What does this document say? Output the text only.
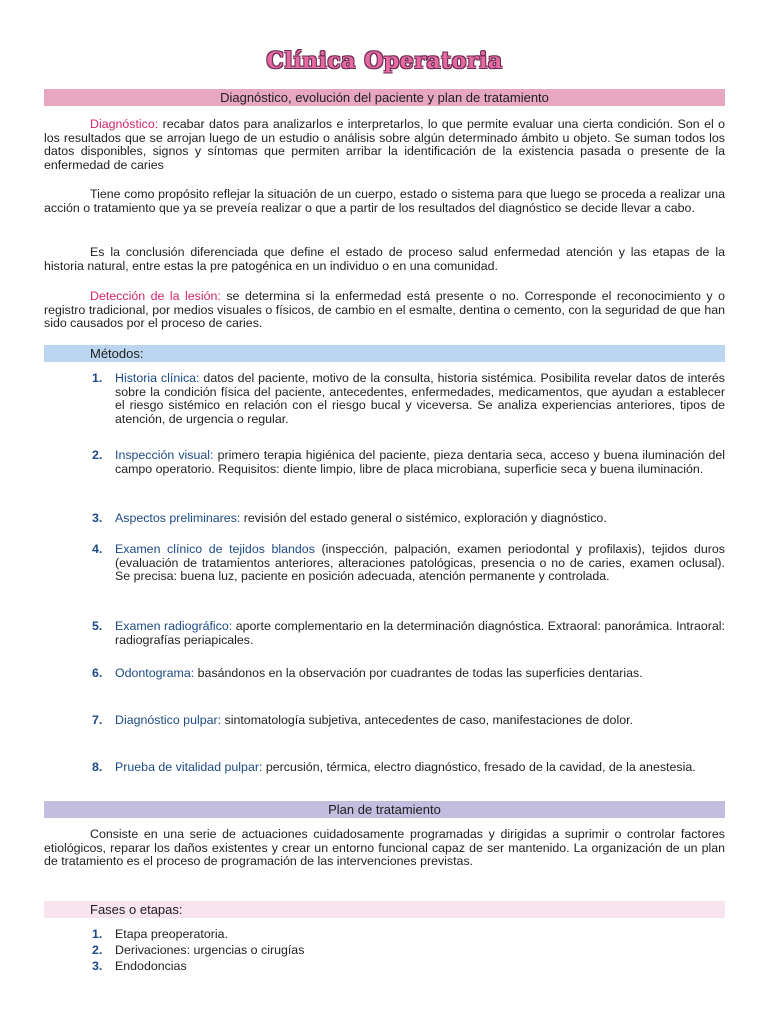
Clínica Operatoria
Diagnóstico, evolución del paciente y plan de tratamiento
Diagnóstico: recabar datos para analizarlos e interpretarlos, lo que permite evaluar una cierta condición. Son el o los resultados que se arrojan luego de un estudio o análisis sobre algún determinado ámbito u objeto. Se suman todos los datos disponibles, signos y síntomas que permiten arribar la identificación de la existencia pasada o presente de la enfermedad de caries
Tiene como propósito reflejar la situación de un cuerpo, estado o sistema para que luego se proceda a realizar una acción o tratamiento que ya se preveía realizar o que a partir de los resultados del diagnóstico se decide llevar a cabo.
Es la conclusión diferenciada que define el estado de proceso salud enfermedad atención y las etapas de la historia natural, entre estas la pre patogénica en un individuo o en una comunidad.
Detección de la lesión: se determina si la enfermedad está presente o no. Corresponde el reconocimiento y o registro tradicional, por medios visuales o físicos, de cambio en el esmalte, dentina o cemento, con la seguridad de que han sido causados por el proceso de caries.
Métodos:
1. Historia clínica: datos del paciente, motivo de la consulta, historia sistémica. Posibilita revelar datos de interés sobre la condición física del paciente, antecedentes, enfermedades, medicamentos, que ayudan a establecer el riesgo sistémico en relación con el riesgo bucal y viceversa. Se analiza experiencias anteriores, tipos de atención, de urgencia o regular.
2. Inspección visual: primero terapia higiénica del paciente, pieza dentaria seca, acceso y buena iluminación del campo operatorio. Requisitos: diente limpio, libre de placa microbiana, superficie seca y buena iluminación.
3. Aspectos preliminares: revisión del estado general o sistémico, exploración y diagnóstico.
4. Examen clínico de tejidos blandos (inspección, palpación, examen periodontal y profilaxis), tejidos duros (evaluación de tratamientos anteriores, alteraciones patológicas, presencia o no de caries, examen oclusal). Se precisa: buena luz, paciente en posición adecuada, atención permanente y controlada.
5. Examen radiográfico: aporte complementario en la determinación diagnóstica. Extraoral: panorámica. Intraoral: radiografías periapicales.
6. Odontograma: basándonos en la observación por cuadrantes de todas las superficies dentarias.
7. Diagnóstico pulpar: sintomatología subjetiva, antecedentes de caso, manifestaciones de dolor.
8. Prueba de vitalidad pulpar: percusión, térmica, electro diagnóstico, fresado de la cavidad, de la anestesia.
Plan de tratamiento
Consiste en una serie de actuaciones cuidadosamente programadas y dirigidas a suprimir o controlar factores etiológicos, reparar los daños existentes y crear un entorno funcional capaz de ser mantenido. La organización de un plan de tratamiento es el proceso de programación de las intervenciones previstas.
Fases o etapas:
1. Etapa preoperatoria.
2. Derivaciones: urgencias o cirugías
3. Endodoncias
